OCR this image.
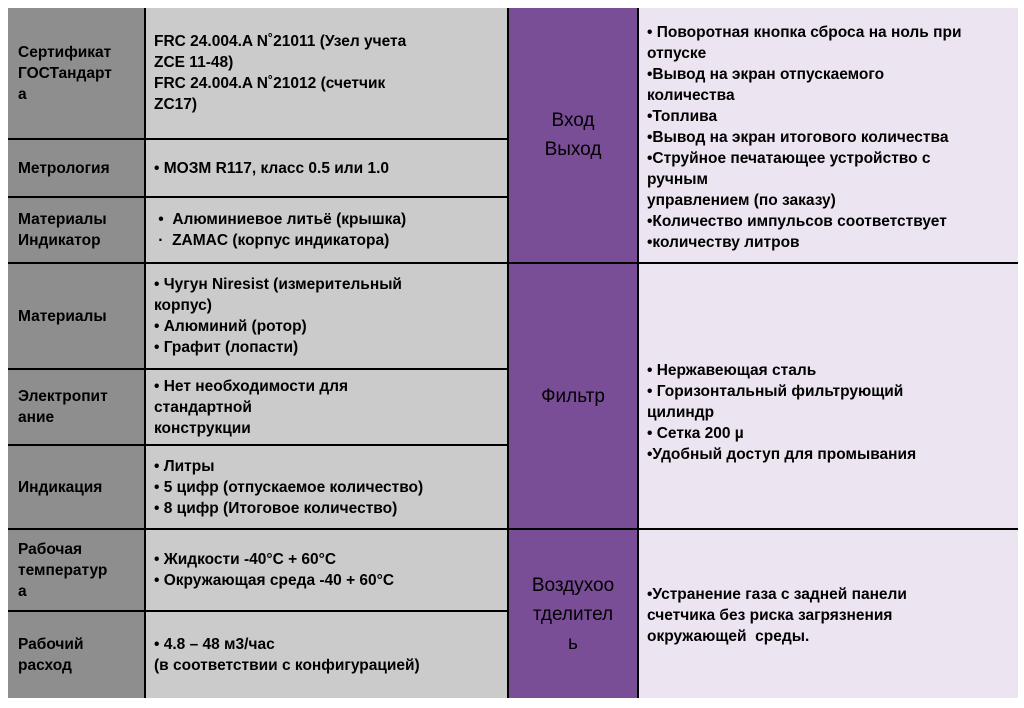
Сертификат
ГОСТандарт
а
Метрология
Материалы
Индикатор
Материалы
Электропит
ание
Индикация
Рабочая
температур
а
Рабочий
расход
FRC 24.004.A N˚21011 (Узел учета
ZCE 11-48)
FRC 24.004.A N˚21012 (счетчик
ZC17)
• МОЗМ R117, класс 0.5 или 1.0
•  Алюминиевое литьё (крышка)
·  ZAMAC (корпус индикатора)
• Чугун Niresist (измерительный
корпус)
• Алюминий (ротор)
• Графит (лопасти)
• Нет необходимости для
стандартной
конструкции
• Литры
• 5 цифр (отпускаемое количество)
• 8 цифр (Итоговое количество)
• Жидкости -40°C + 60°C
• Окружающая среда -40 + 60°C
• 4.8 – 48 м3/час
(в соответствии с конфигурацией)
Вход
Выход
Фильтр
Воздухоо
тделител
ь
• Поворотная кнопка сброса на ноль при
отпуске
•Вывод на экран отпускаемого
количества
•Топлива
•Вывод на экран итогового количества
•Струйное печатающее устройство с
ручным
управлением (по заказу)
•Количество импульсов соответствует
•количеству литров
• Нержавеющая сталь
• Горизонтальный фильтрующий
цилиндр
• Сетка 200 µ
•Удобный доступ для промывания
•Устранение газа с задней панели
счетчика без риска загрязнения
окружающей  среды.
